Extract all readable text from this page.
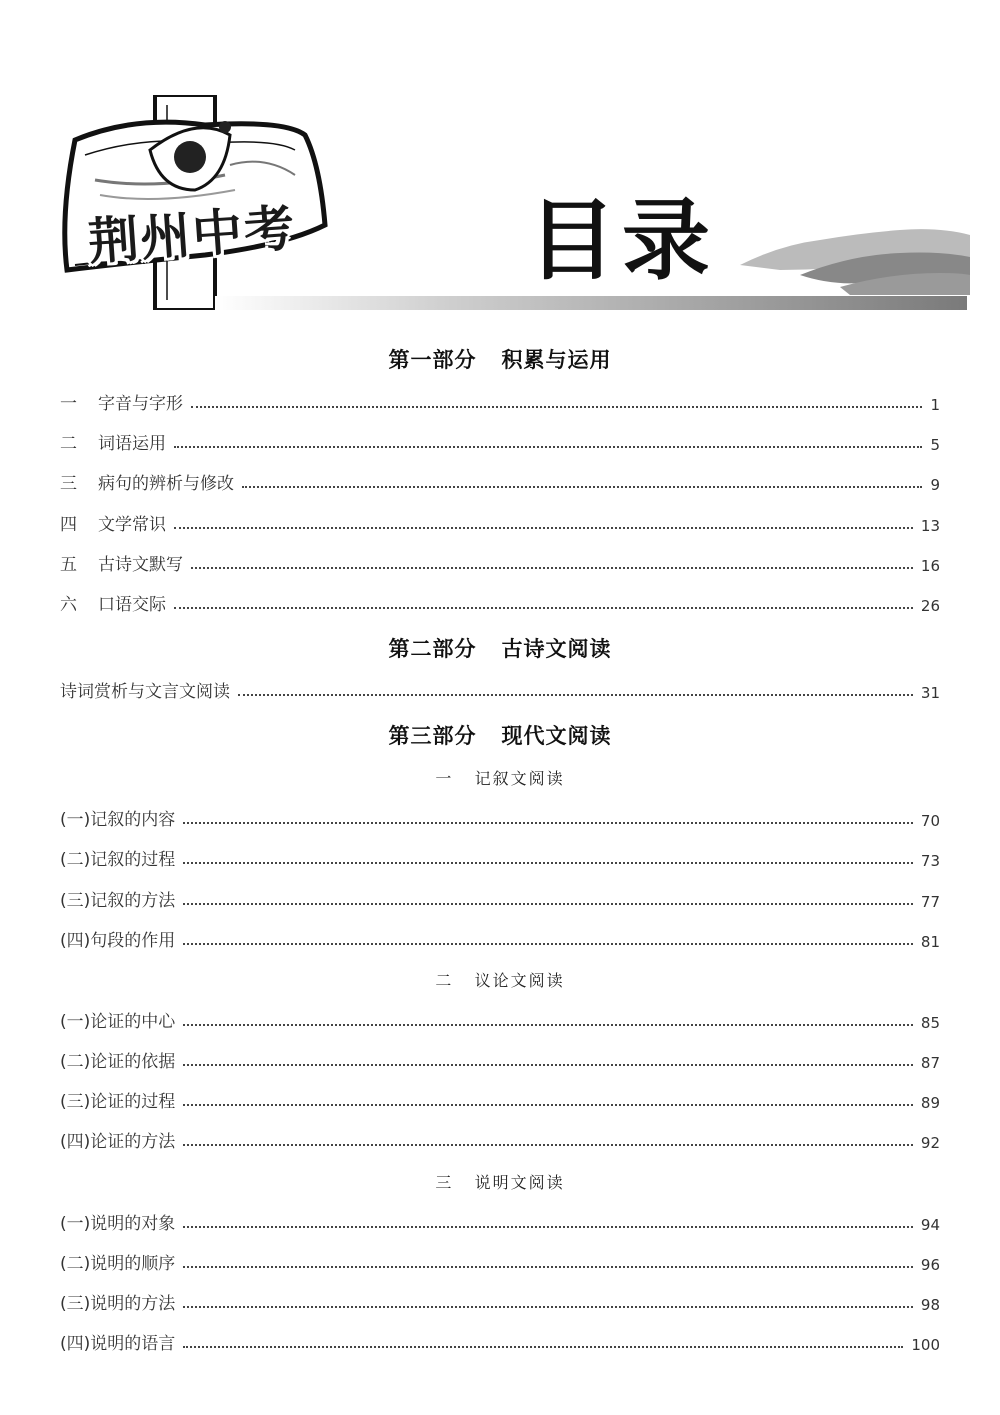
荆州中考	目录
第一部分   积累与运用
一	字音与字形	1
二	词语运用	5
三	病句的辨析与修改	9
四	文学常识	13
五	古诗文默写	16
六	口语交际	26
第二部分   古诗文阅读
诗词赏析与文言文阅读	31
第三部分   现代文阅读
一   记叙文阅读
(一)记叙的内容	70
(二)记叙的过程	73
(三)记叙的方法	77
(四)句段的作用	81
二   议论文阅读
(一)论证的中心	85
(二)论证的依据	87
(三)论证的过程	89
(四)论证的方法	92
三   说明文阅读
(一)说明的对象	94
(二)说明的顺序	96
(三)说明的方法	98
(四)说明的语言	100
